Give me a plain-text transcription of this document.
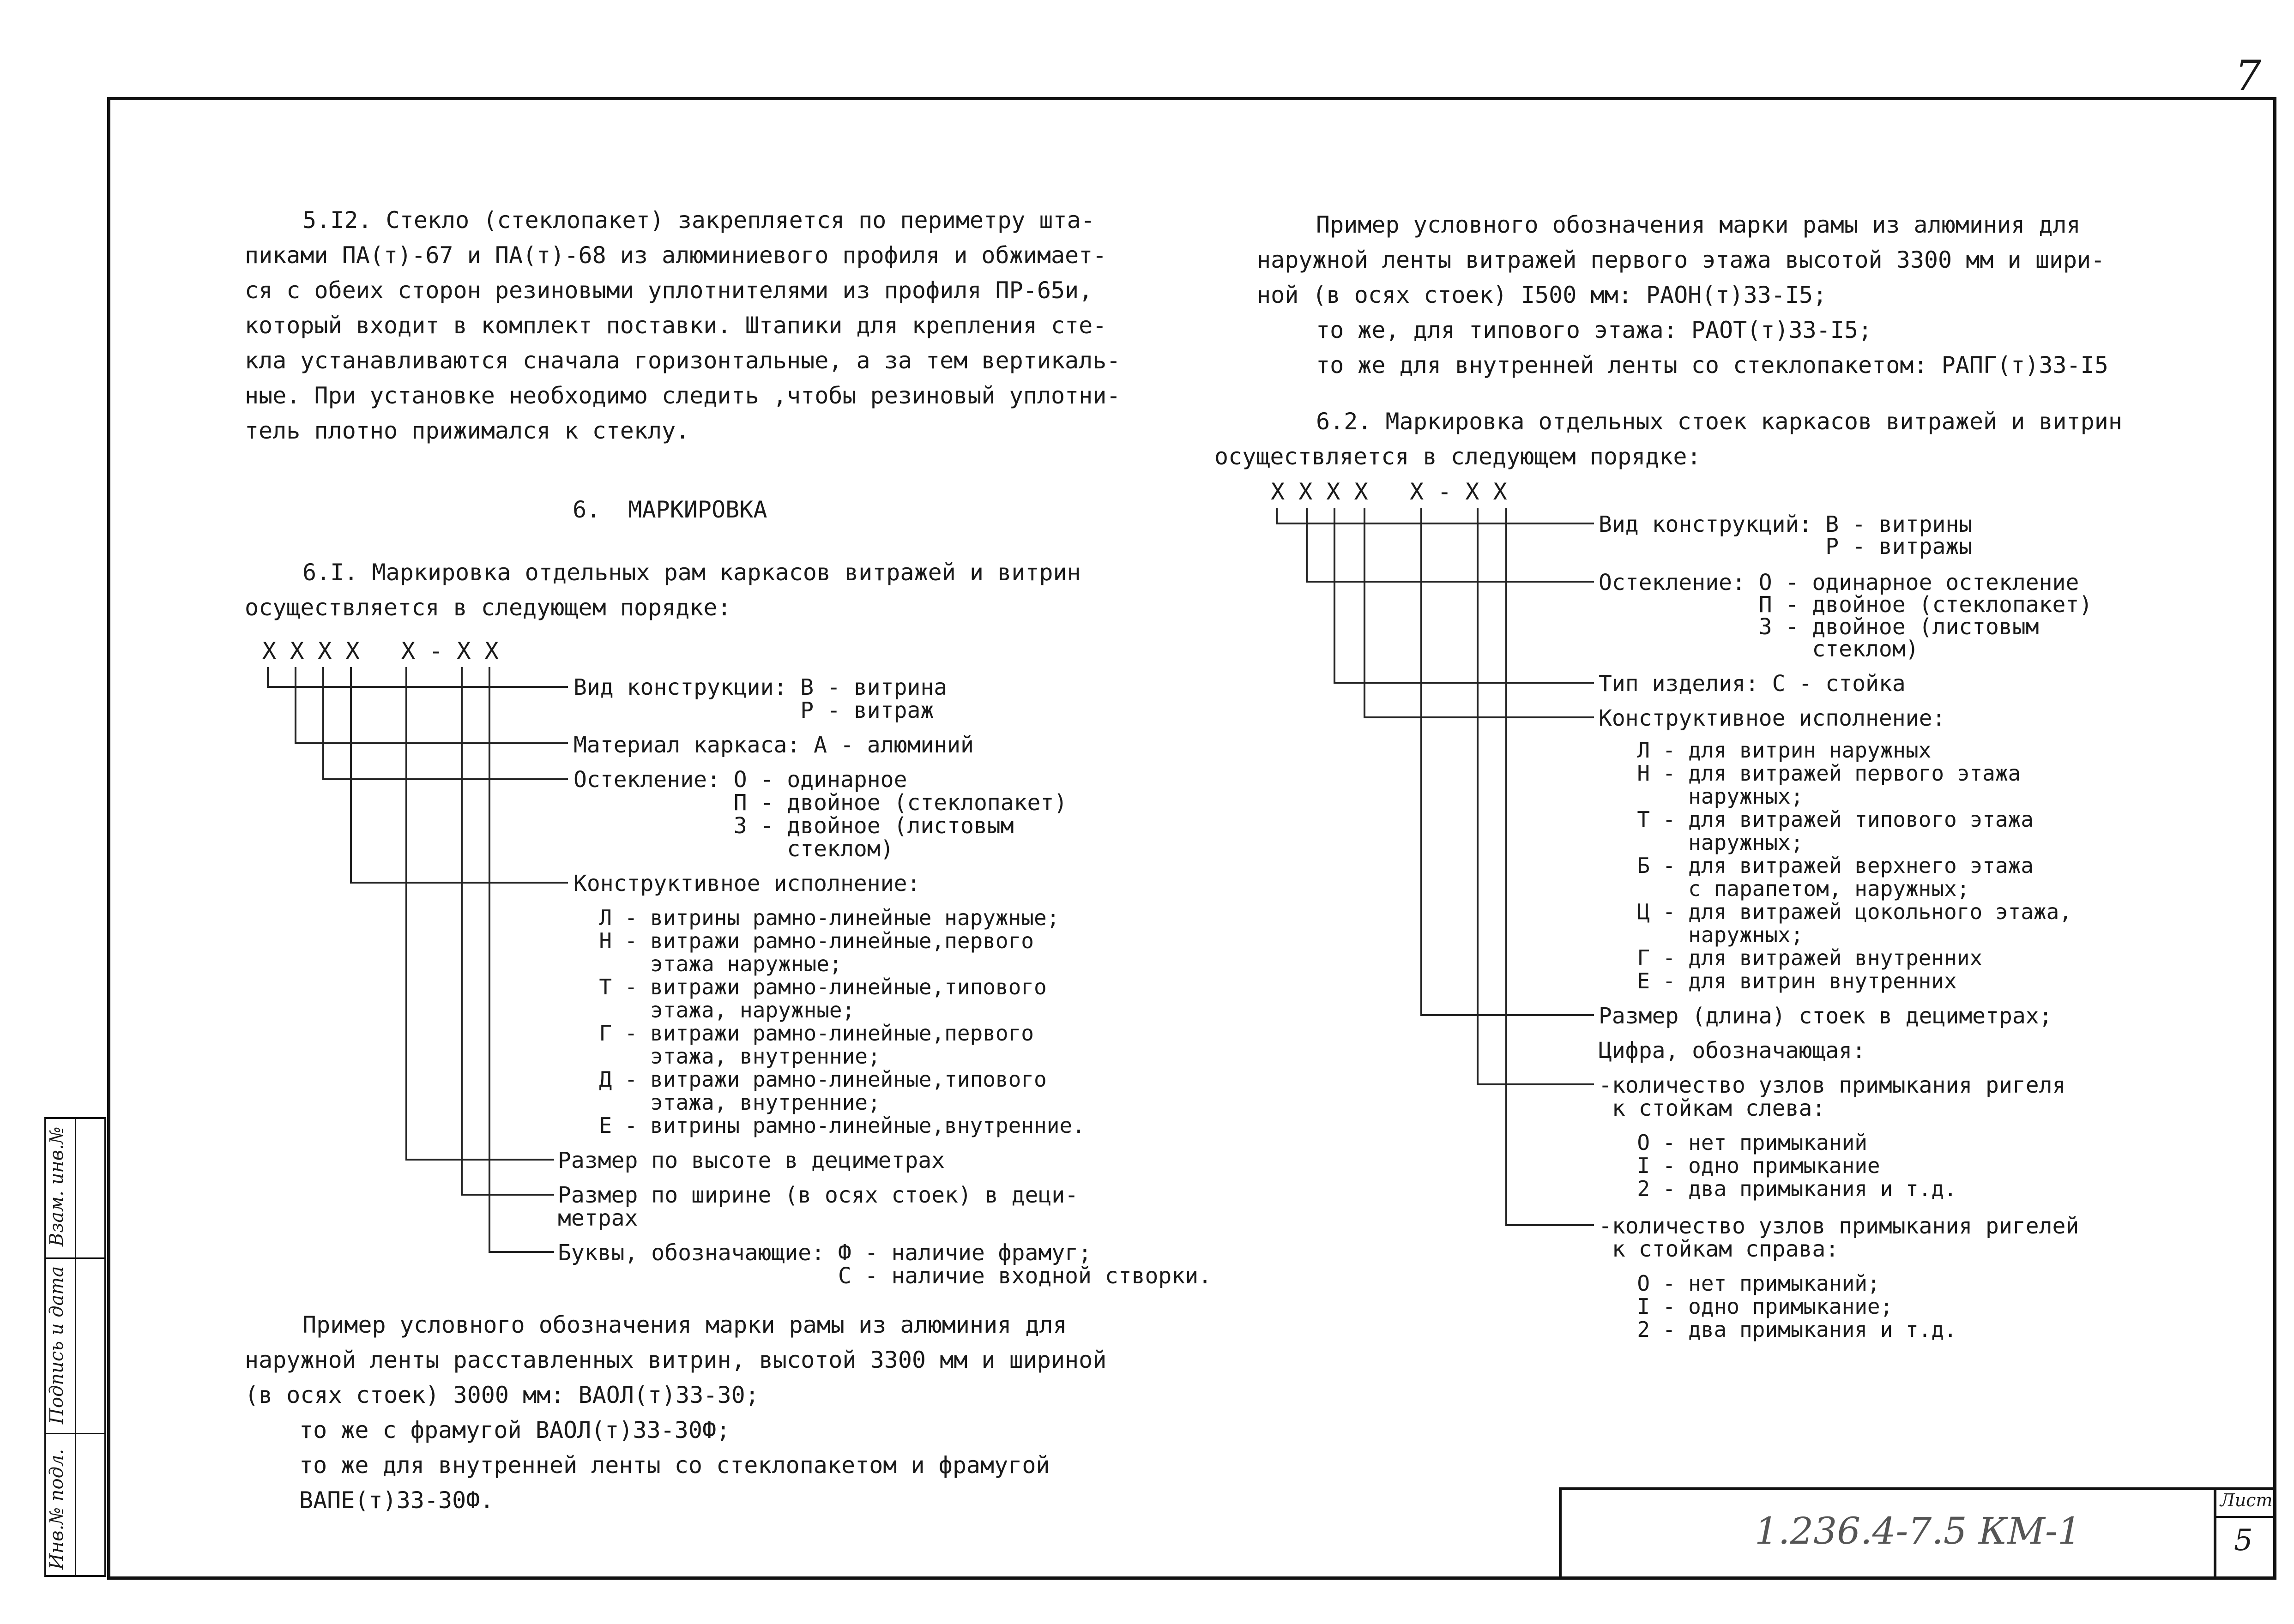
7
5.I2. Стекло (стеклопакет) закрепляется по периметру шта-
пиками ПА(т)-67 и ПА(т)-68 из алюминиевого профиля и обжимает-
ся с обеих сторон резиновыми уплотнителями из профиля ПР-65и,
который входит в комплект поставки. Штапики для крепления сте-
кла устанавливаются сначала горизонтальные, а за тем вертикаль-
ные. При установке необходимо следить ,чтобы резиновый уплотни-
тель плотно прижимался к стеклу.
6.  МАРКИРОВКА
6.I. Маркировка отдельных рам каркасов витражей и витрин
осуществляется в следующем порядке:
Х Х Х Х   Х - Х Х
Вид конструкции: В - витрина
Р - витраж
Материал каркаса: А - алюминий
Остекление: О - одинарное
П - двойное (стеклопакет)
З - двойное (листовым
стеклом)
Конструктивное исполнение:
Л - витрины рамно-линейные наружные;
Н - витражи рамно-линейные,первого
этажа наружные;
Т - витражи рамно-линейные,типового
этажа, наружные;
Г - витражи рамно-линейные,первого
этажа, внутренние;
Д - витражи рамно-линейные,типового
этажа, внутренние;
Е - витрины рамно-линейные,внутренние.
Размер по высоте в дециметрах
Размер по ширине (в осях стоек) в деци-
метрах
Буквы, обозначающие: Ф - наличие фрамуг;
С - наличие входной створки.
Пример условного обозначения марки рамы из алюминия для
наружной ленты расставленных витрин, высотой 3300 мм и шириной
(в осях стоек) 3000 мм: ВАОЛ(т)33-30;
то же с фрамугой ВАОЛ(т)33-30Ф;
то же для внутренней ленты со стеклопакетом и фрамугой
ВАПЕ(т)33-30Ф.
Пример условного обозначения марки рамы из алюминия для
наружной ленты витражей первого этажа высотой 3300 мм и шири-
ной (в осях стоек) I500 мм: РАОН(т)33-I5;
то же, для типового этажа: РАОТ(т)33-I5;
то же для внутренней ленты со стеклопакетом: РАПГ(т)33-I5
6.2. Маркировка отдельных стоек каркасов витражей и витрин
осуществляется в следующем порядке:
Х Х Х Х   Х - Х Х
Вид конструкций: В - витрины
Р - витражы
Остекление: О - одинарное остекление
П - двойное (стеклопакет)
З - двойное (листовым
стеклом)
Тип изделия: С - стойка
Конструктивное исполнение:
Л - для витрин наружных
Н - для витражей первого этажа
наружных;
Т - для витражей типового этажа
наружных;
Б - для витражей верхнего этажа
с парапетом, наружных;
Ц - для витражей цокольного этажа,
наружных;
Г - для витражей внутренних
Е - для витрин внутренних
Размер (длина) стоек в дециметрах;
Цифра, обозначающая:
-количество узлов примыкания ригеля
к стойкам слева:
О - нет примыканий
I - одно примыкание
2 - два примыкания и т.д.
-количество узлов примыкания ригелей
к стойкам справа:
О - нет примыканий;
I - одно примыкание;
2 - два примыкания и т.д.
Инв.№ подл.
Подпись и дата
Взам. инв.№
1.236.4-7.5 КМ-1
Лист
5
